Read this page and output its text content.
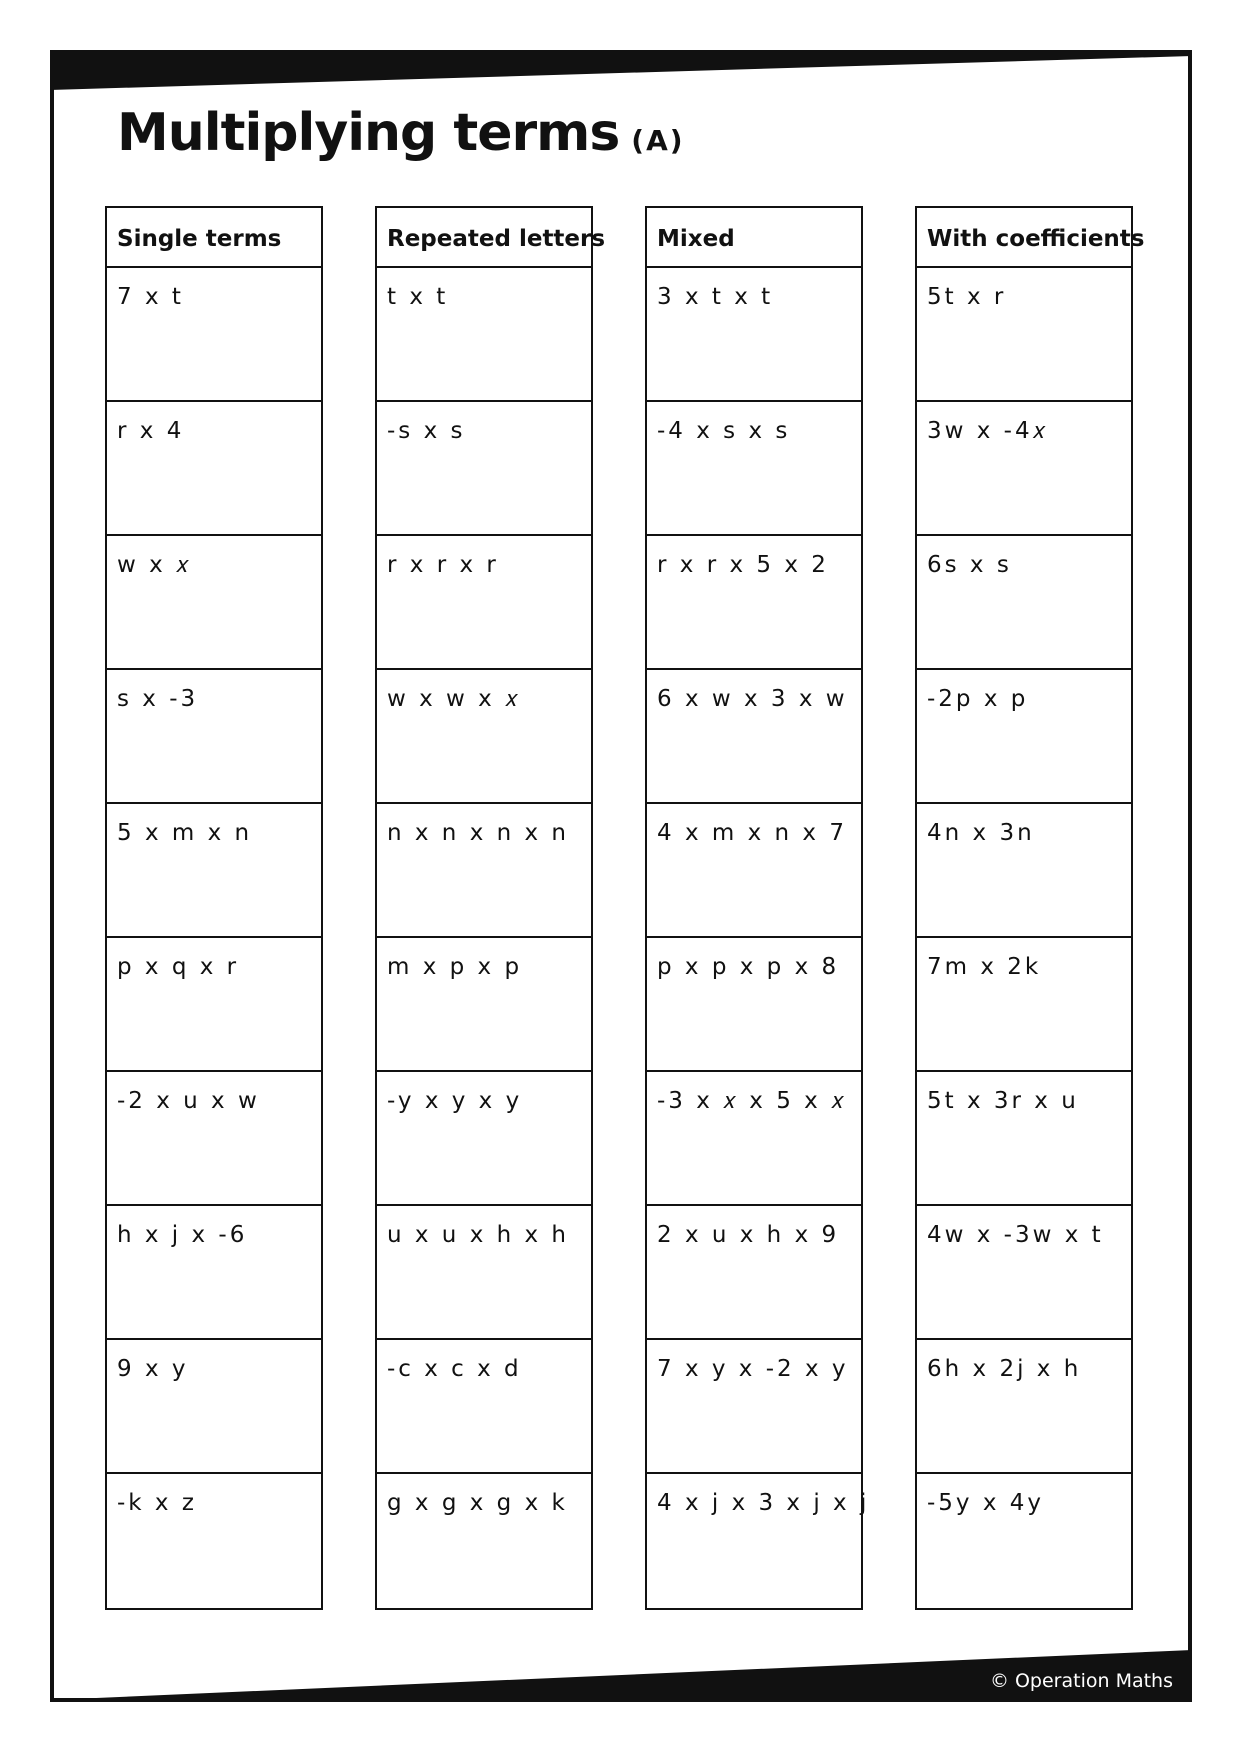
Multiplying terms (A)
Single terms
7 x t
r x 4
w x 𝑥
s x -3
5 x m x n
p x q x r
-2 x u x w
h x j x -6
9 x y
-k x z
Repeated letters
t x t
-s x s
r x r x r
w x w x 𝑥
n x n x n x n
m x p x p
-y x y x y
u x u x h x h
-c x c x d
g x g x g x k
Mixed
3 x t x t
-4 x s x s
r x r x 5 x 2
6 x w x 3 x w
4 x m x n x 7
p x p x p x 8
-3 x 𝑥 x 5 x 𝑥
2 x u x h x 9
7 x y x -2 x y
4 x j x 3 x j x j
With coefficients
5t x r
3w x -4𝑥
6s x s
-2p x p
4n x 3n
7m x 2k
5t x 3r x u
4w x -3w x t
6h x 2j x h
-5y x 4y
© Operation Maths
